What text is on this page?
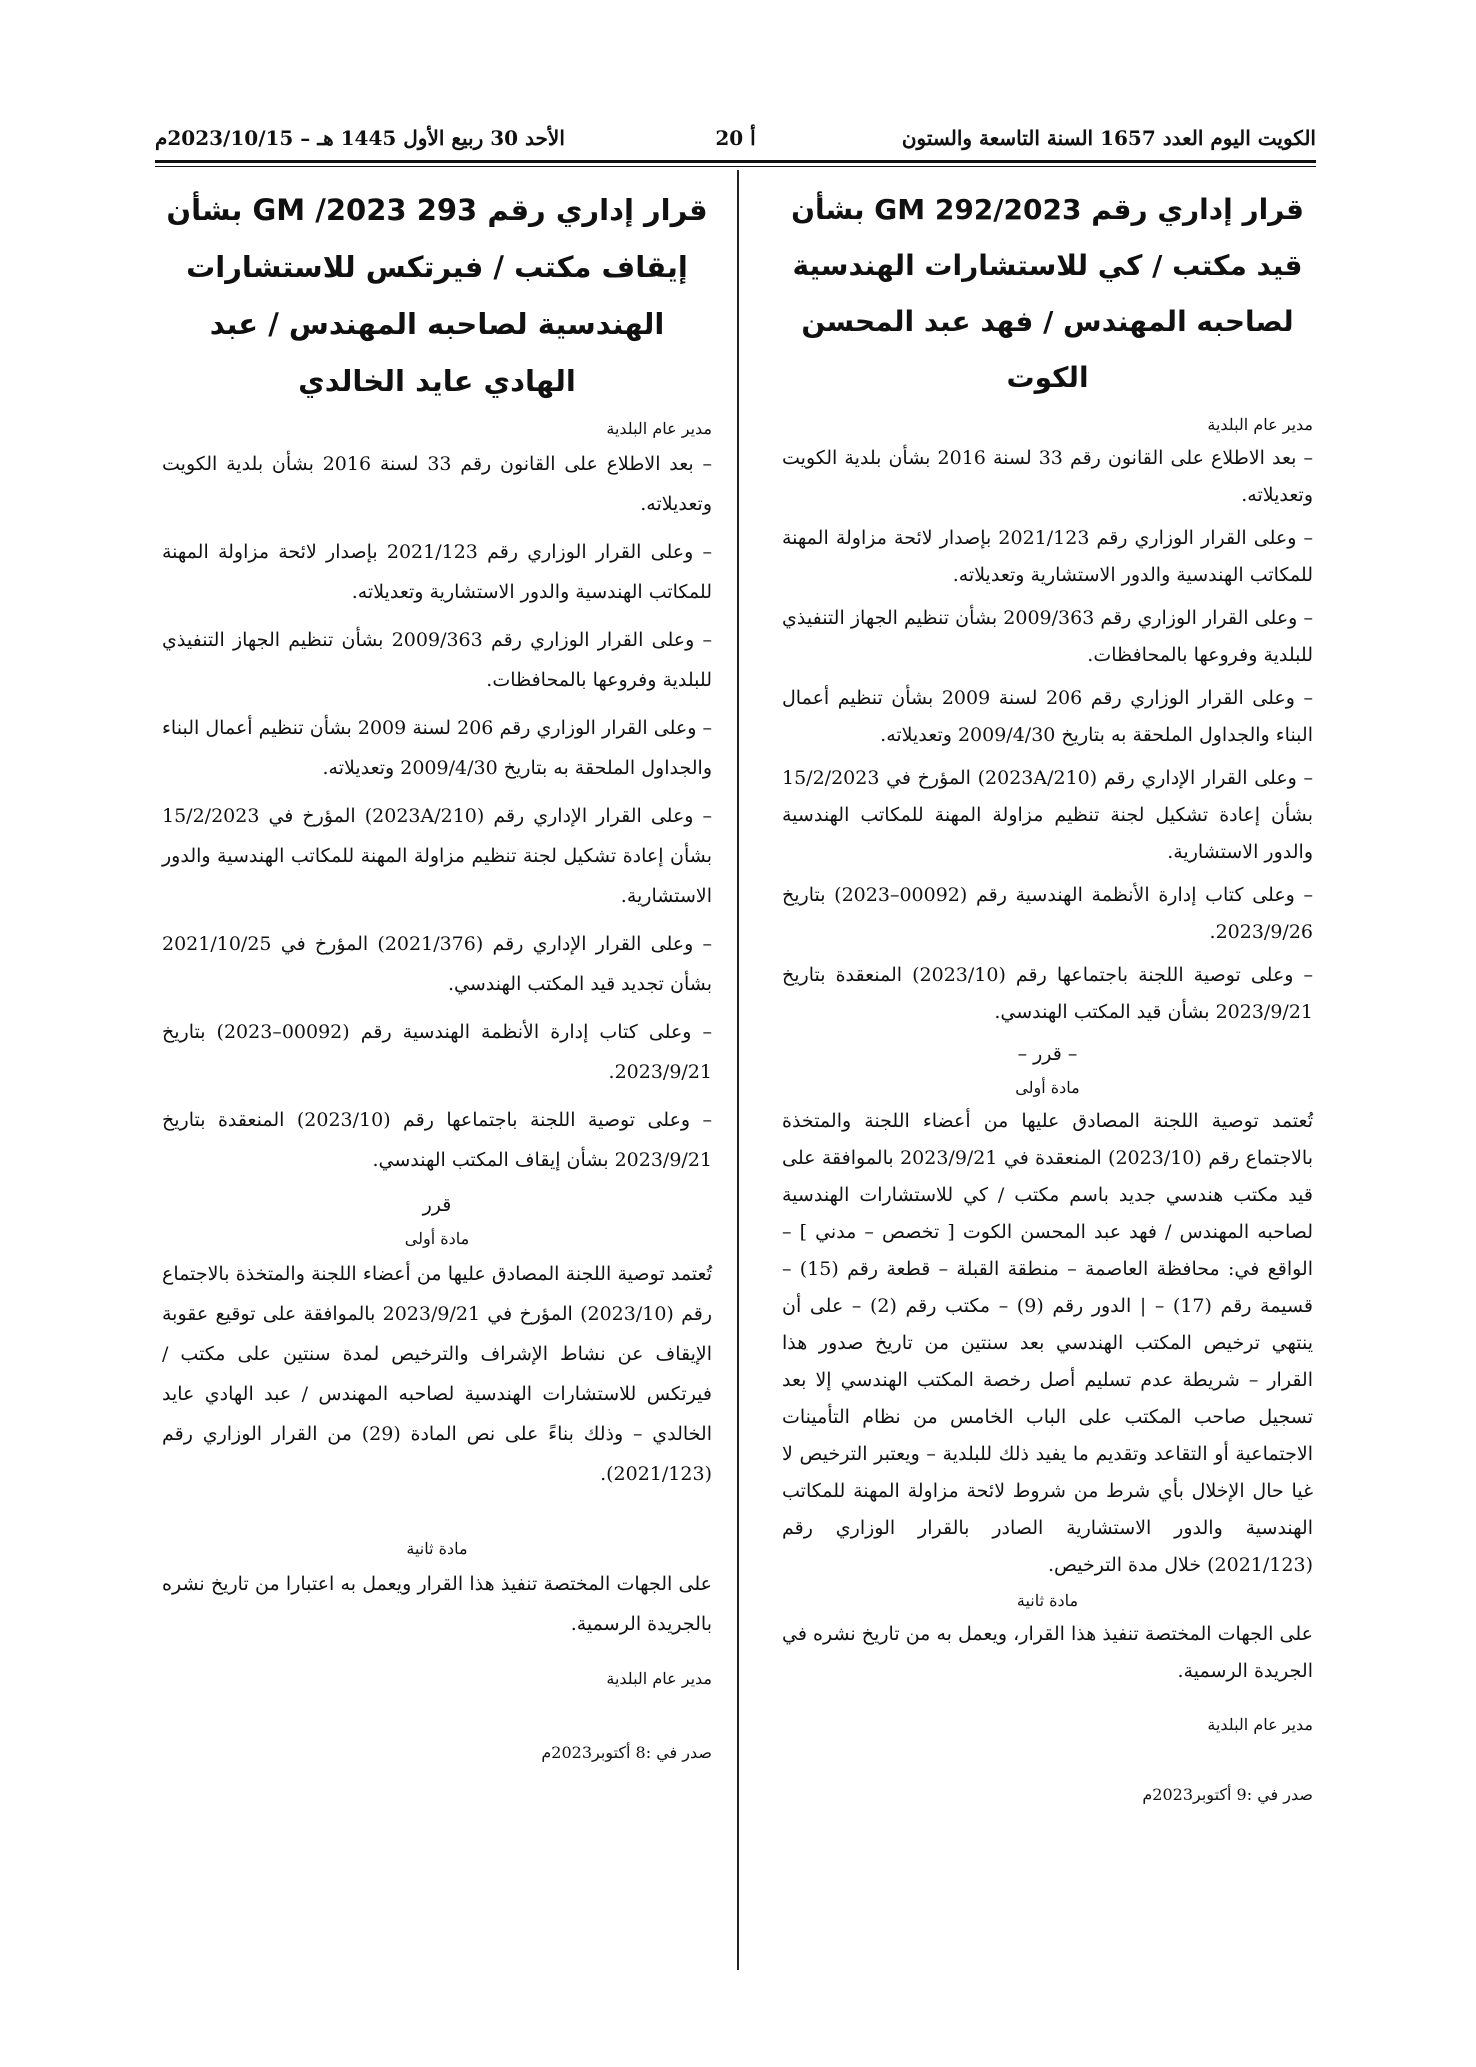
الكويت اليوم العدد 1657 السنة التاسعة والستون
أ 20
الأحد 30 ربيع الأول 1445 هـ – 2023/10/15م
قرار إداري رقم GM 292/2023 بشأن قيد مكتب / كي للاستشارات الهندسية لصاحبه المهندس / فهد عبد المحسن الكوت
مدير عام البلدية
– بعد الاطلاع على القانون رقم 33 لسنة 2016 بشأن بلدية الكويت وتعديلاته.
– وعلى القرار الوزاري رقم 2021/123 بإصدار لائحة مزاولة المهنة للمكاتب الهندسية والدور الاستشارية وتعديلاته.
– وعلى القرار الوزاري رقم 2009/363 بشأن تنظيم الجهاز التنفيذي للبلدية وفروعها بالمحافظات.
– وعلى القرار الوزاري رقم 206 لسنة 2009 بشأن تنظيم أعمال البناء والجداول الملحقة به بتاريخ 2009/4/30 وتعديلاته.
– وعلى القرار الإداري رقم (2023A/210) المؤرخ في 15/2/2023 بشأن إعادة تشكيل لجنة تنظيم مزاولة المهنة للمكاتب الهندسية والدور الاستشارية.
– وعلى كتاب إدارة الأنظمة الهندسية رقم (00092–2023) بتاريخ 2023/9/26.
– وعلى توصية اللجنة باجتماعها رقم (2023/10) المنعقدة بتاريخ 2023/9/21 بشأن قيد المكتب الهندسي.
– قرر –
مادة أولى
تُعتمد توصية اللجنة المصادق عليها من أعضاء اللجنة والمتخذة بالاجتماع رقم (2023/10) المنعقدة في 2023/9/21 بالموافقة على قيد مكتب هندسي جديد باسم مكتب / كي للاستشارات الهندسية لصاحبه المهندس / فهد عبد المحسن الكوت [ تخصص – مدني ] – الواقع في: محافظة العاصمة – منطقة القبلة – قطعة رقم (15) – قسيمة رقم (17) – | الدور رقم (9) – مكتب رقم (2) – على أن ينتهي ترخيص المكتب الهندسي بعد سنتين من تاريخ صدور هذا القرار – شريطة عدم تسليم أصل رخصة المكتب الهندسي إلا بعد تسجيل صاحب المكتب على الباب الخامس من نظام التأمينات الاجتماعية أو التقاعد وتقديم ما يفيد ذلك للبلدية – ويعتبر الترخيص لا غيا حال الإخلال بأي شرط من شروط لائحة مزاولة المهنة للمكاتب الهندسية والدور الاستشارية الصادر بالقرار الوزاري رقم (2021/123) خلال مدة الترخيص.
مادة ثانية
على الجهات المختصة تنفيذ هذا القرار، ويعمل به من تاريخ نشره في الجريدة الرسمية.
مدير عام البلدية
صدر في :9 أكتوبر2023م
قرار إداري رقم 293 2023/ GM بشأن إيقاف مكتب / فيرتكس للاستشارات الهندسية لصاحبه المهندس / عبد الهادي عايد الخالدي
مدير عام البلدية
– بعد الاطلاع على القانون رقم 33 لسنة 2016 بشأن بلدية الكويت وتعديلاته.
– وعلى القرار الوزاري رقم 2021/123 بإصدار لائحة مزاولة المهنة للمكاتب الهندسية والدور الاستشارية وتعديلاته.
– وعلى القرار الوزاري رقم 2009/363 بشأن تنظيم الجهاز التنفيذي للبلدية وفروعها بالمحافظات.
– وعلى القرار الوزاري رقم 206 لسنة 2009 بشأن تنظيم أعمال البناء والجداول الملحقة به بتاريخ 2009/4/30 وتعديلاته.
– وعلى القرار الإداري رقم (2023A/210) المؤرخ في 15/2/2023 بشأن إعادة تشكيل لجنة تنظيم مزاولة المهنة للمكاتب الهندسية والدور الاستشارية.
– وعلى القرار الإداري رقم (2021/376) المؤرخ في 2021/10/25 بشأن تجديد قيد المكتب الهندسي.
– وعلى كتاب إدارة الأنظمة الهندسية رقم (00092–2023) بتاريخ 2023/9/21.
– وعلى توصية اللجنة باجتماعها رقم (2023/10) المنعقدة بتاريخ 2023/9/21 بشأن إيقاف المكتب الهندسي.
قرر
مادة أولى
تُعتمد توصية اللجنة المصادق عليها من أعضاء اللجنة والمتخذة بالاجتماع رقم (2023/10) المؤرخ في 2023/9/21 بالموافقة على توقيع عقوبة الإيقاف عن نشاط الإشراف والترخيص لمدة سنتين على مكتب / فيرتكس للاستشارات الهندسية لصاحبه المهندس / عبد الهادي عايد الخالدي – وذلك بناءً على نص المادة (29) من القرار الوزاري رقم (2021/123).
مادة ثانية
على الجهات المختصة تنفيذ هذا القرار ويعمل به اعتبارا من تاريخ نشره بالجريدة الرسمية.
مدير عام البلدية
صدر في :8 أكتوبر2023م
